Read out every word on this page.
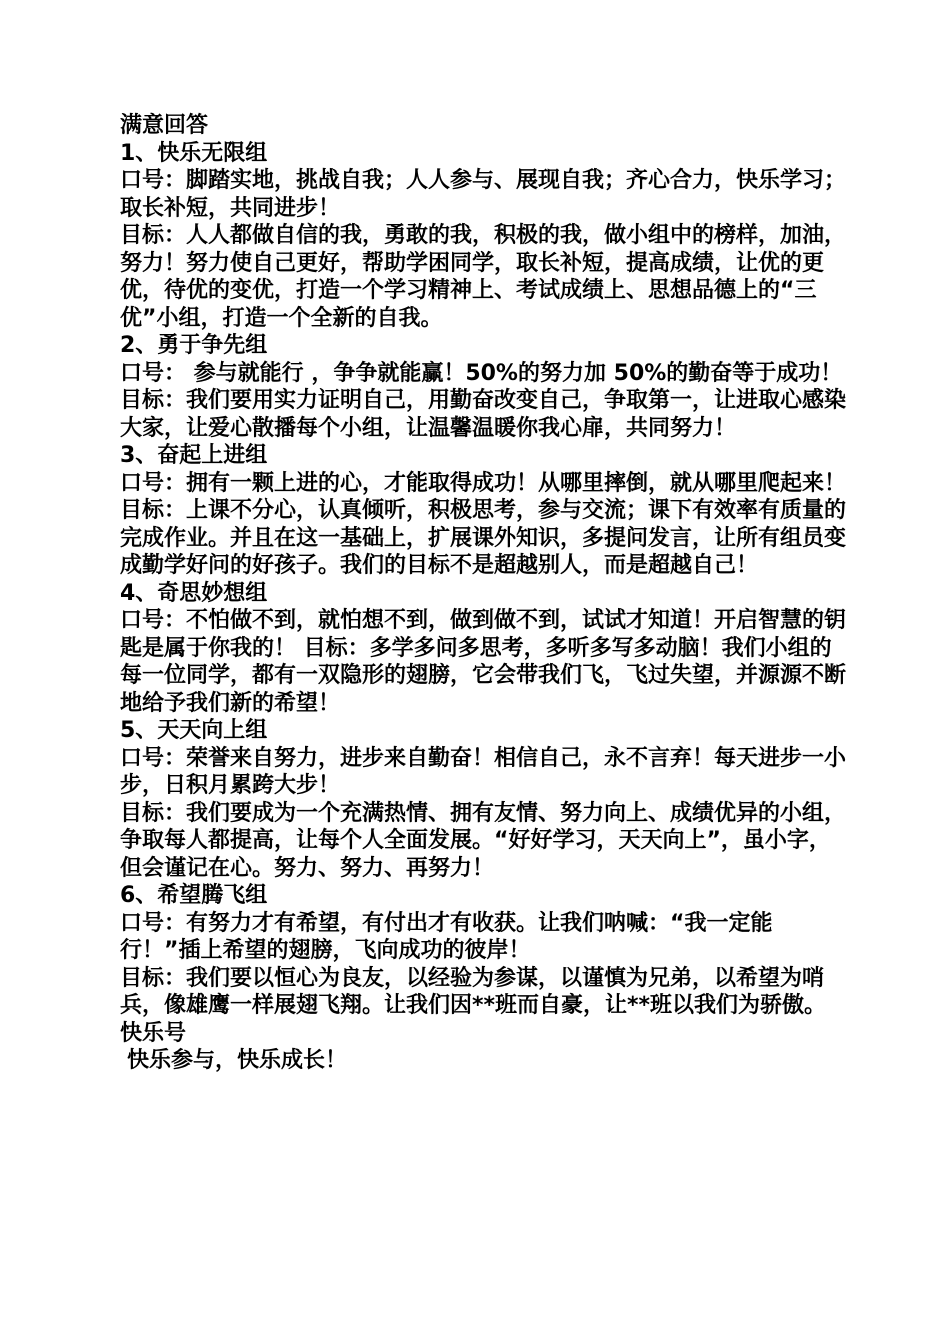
满意回答

1、快乐无限组

口号：脚踏实地，挑战自我；人人参与、展现自我；齐心合力，快乐学习；取长补短，共同进步！

目标：人人都做自信的我，勇敢的我，积极的我，做小组中的榜样，加油，努力！努力使自己更好，帮助学困同学，取长补短，提高成绩，让优的更优，待优的变优，打造一个学习精神上、考试成绩上、思想品德上的“三优”小组，打造一个全新的自我。

2、勇于争先组

口号： 参与就能行 ，争争就能赢！50%的努力加 50%的勤奋等于成功！

目标：我们要用实力证明自己，用勤奋改变自己，争取第一，让进取心感染大家，让爱心散播每个小组，让温馨温暖你我心扉，共同努力！

3、奋起上进组

口号：拥有一颗上进的心，才能取得成功！从哪里摔倒，就从哪里爬起来！

目标：上课不分心，认真倾听，积极思考，参与交流；课下有效率有质量的完成作业。并且在这一基础上，扩展课外知识，多提问发言，让所有组员变成勤学好问的好孩子。我们的目标不是超越别人，而是超越自己！

4、奇思妙想组

口号：不怕做不到，就怕想不到，做到做不到，试试才知道！开启智慧的钥匙是属于你我的！ 目标：多学多问多思考，多听多写多动脑！我们小组的每一位同学，都有一双隐形的翅膀，它会带我们飞，飞过失望，并源源不断地给予我们新的希望！

5、天天向上组

口号：荣誉来自努力，进步来自勤奋！相信自己，永不言弃！每天进步一小步，日积月累跨大步！

目标：我们要成为一个充满热情、拥有友情、努力向上、成绩优异的小组，争取每人都提高，让每个人全面发展。“好好学习，天天向上”，虽小字，但会谨记在心。努力、努力、再努力！

6、希望腾飞组

口号：有努力才有希望，有付出才有收获。让我们呐喊：“我一定能行！”插上希望的翅膀，飞向成功的彼岸！

目标：我们要以恒心为良友，以经验为参谋，以谨慎为兄弟，以希望为哨兵，像雄鹰一样展翅飞翔。让我们因**班而自豪，让**班以我们为骄傲。

快乐号

快乐参与，快乐成长！
